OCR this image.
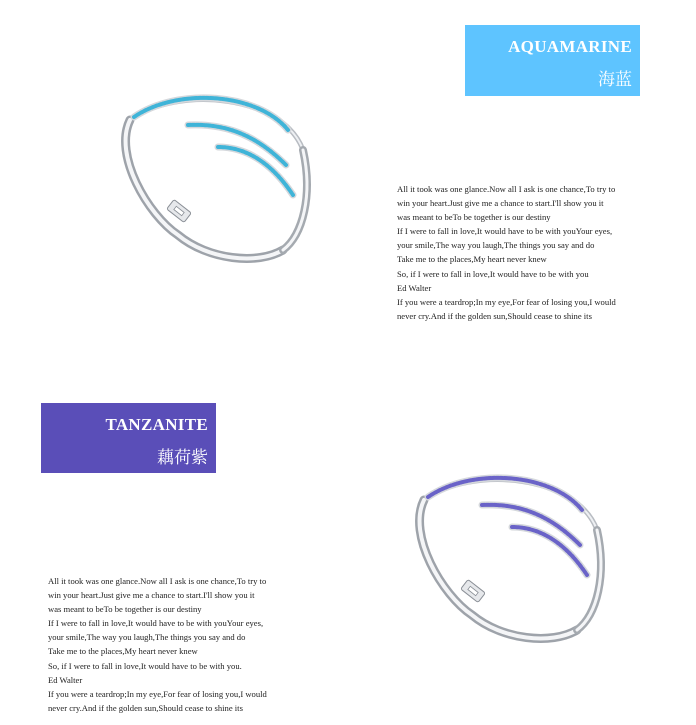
AQUAMARINE
海蓝
All it took was one glance.Now all I ask is one chance,To try to
win your heart.Just give me a chance to start.I'll show you it
was meant to beTo be together is our destiny
If I were to fall in love,It would have to be with youYour eyes,
your smile,The way you laugh,The things you say and do
Take me to the places,My heart never knew
So, if I were to fall in love,It would have to be with you
Ed Walter
If you were a teardrop;In my eye,For fear of losing you,I would
never cry.And if the golden sun,Should cease to shine its
TANZANITE
藕荷紫
All it took was one glance.Now all I ask is one chance,To try to
win your heart.Just give me a chance to start.I'll show you it
was meant to beTo be together is our destiny
If I were to fall in love,It would have to be with youYour eyes,
your smile,The way you laugh,The things you say and do
Take me to the places,My heart never knew
So, if I were to fall in love,It would have to be with you.
Ed Walter
If you were a teardrop;In my eye,For fear of losing you,I would
never cry.And if the golden sun,Should cease to shine its
